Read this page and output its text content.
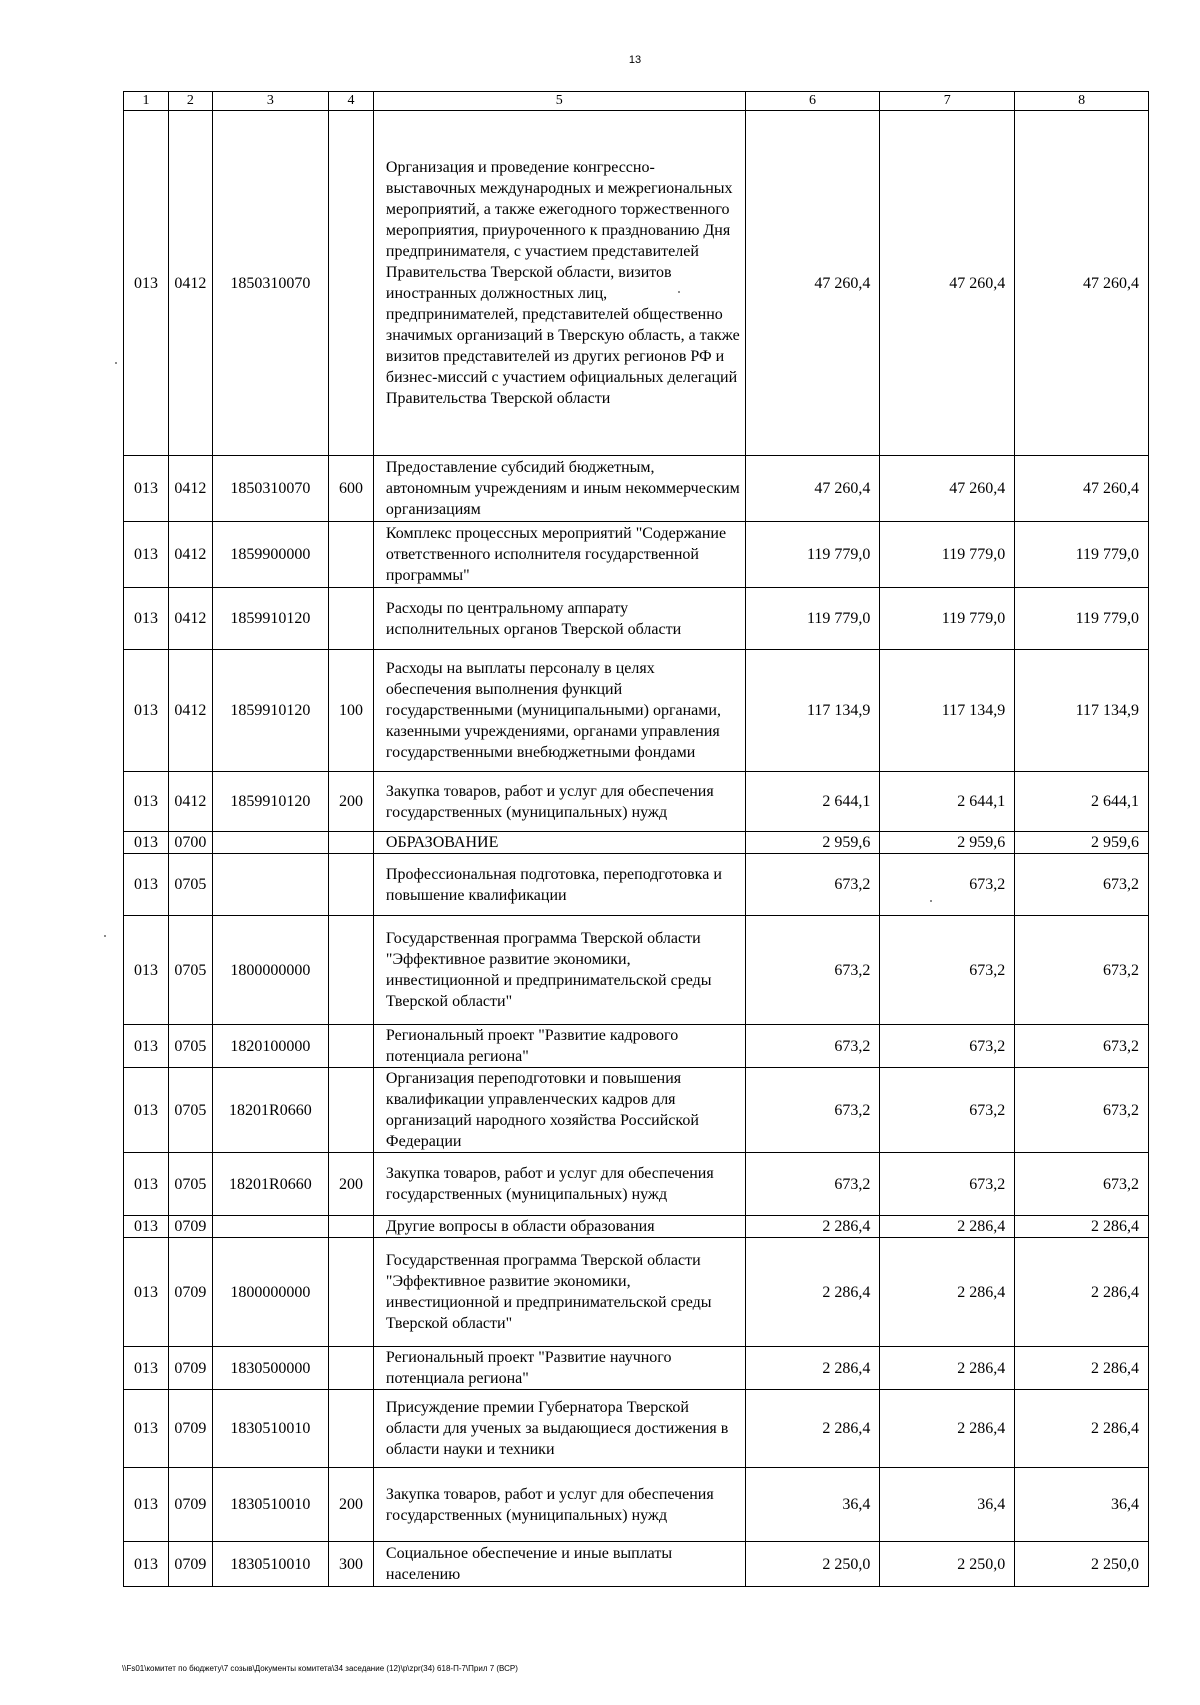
13
1	2	3	4	5	6	7	8
013	0412	1850310070		Организация и проведение конгрессно-выставочных международных и межрегиональных мероприятий, а также ежегодного торжественного мероприятия, приуроченного к празднованию Дня предпринимателя, с участием представителей Правительства Тверской области, визитов иностранных должностных лиц, предпринимателей, представителей общественно значимых организаций в Тверскую область, а также визитов представителей из других регионов РФ и бизнес-миссий с участием официальных делегаций Правительства Тверской области	47 260,4	47 260,4	47 260,4
013	0412	1850310070	600	Предоставление субсидий бюджетным, автономным учреждениям и иным некоммерческим организациям	47 260,4	47 260,4	47 260,4
013	0412	1859900000		Комплекс процессных мероприятий "Содержание ответственного исполнителя государственной программы"	119 779,0	119 779,0	119 779,0
013	0412	1859910120		Расходы по центральному аппарату исполнительных органов Тверской области	119 779,0	119 779,0	119 779,0
013	0412	1859910120	100	Расходы на выплаты персоналу в целях обеспечения выполнения функций государственными (муниципальными) органами, казенными учреждениями, органами управления государственными внебюджетными фондами	117 134,9	117 134,9	117 134,9
013	0412	1859910120	200	Закупка товаров, работ и услуг для обеспечения государственных (муниципальных) нужд	2 644,1	2 644,1	2 644,1
013	0700			ОБРАЗОВАНИЕ	2 959,6	2 959,6	2 959,6
013	0705			Профессиональная подготовка, переподготовка и повышение квалификации	673,2	673,2	673,2
013	0705	1800000000		Государственная программа Тверской области "Эффективное развитие экономики, инвестиционной и предпринимательской среды Тверской области"	673,2	673,2	673,2
013	0705	1820100000		Региональный проект "Развитие кадрового потенциала региона"	673,2	673,2	673,2
013	0705	18201R0660		Организация переподготовки и повышения квалификации управленческих кадров для организаций народного хозяйства Российской Федерации	673,2	673,2	673,2
013	0705	18201R0660	200	Закупка товаров, работ и услуг для обеспечения государственных (муниципальных) нужд	673,2	673,2	673,2
013	0709			Другие вопросы в области образования	2 286,4	2 286,4	2 286,4
013	0709	1800000000		Государственная программа Тверской области "Эффективное развитие экономики, инвестиционной и предпринимательской среды Тверской области"	2 286,4	2 286,4	2 286,4
013	0709	1830500000		Региональный проект "Развитие научного потенциала региона"	2 286,4	2 286,4	2 286,4
013	0709	1830510010		Присуждение премии Губернатора Тверской области для ученых за выдающиеся достижения в области науки и техники	2 286,4	2 286,4	2 286,4
013	0709	1830510010	200	Закупка товаров, работ и услуг для обеспечения государственных (муниципальных) нужд	36,4	36,4	36,4
013	0709	1830510010	300	Социальное обеспечение и иные выплаты населению	2 250,0	2 250,0	2 250,0
\\Fs01\комитет по бюджету\7 созыв\Документы комитета\34 заседание (12)\p\zpr(34) 618-П-7\Прил 7 (ВСР)
